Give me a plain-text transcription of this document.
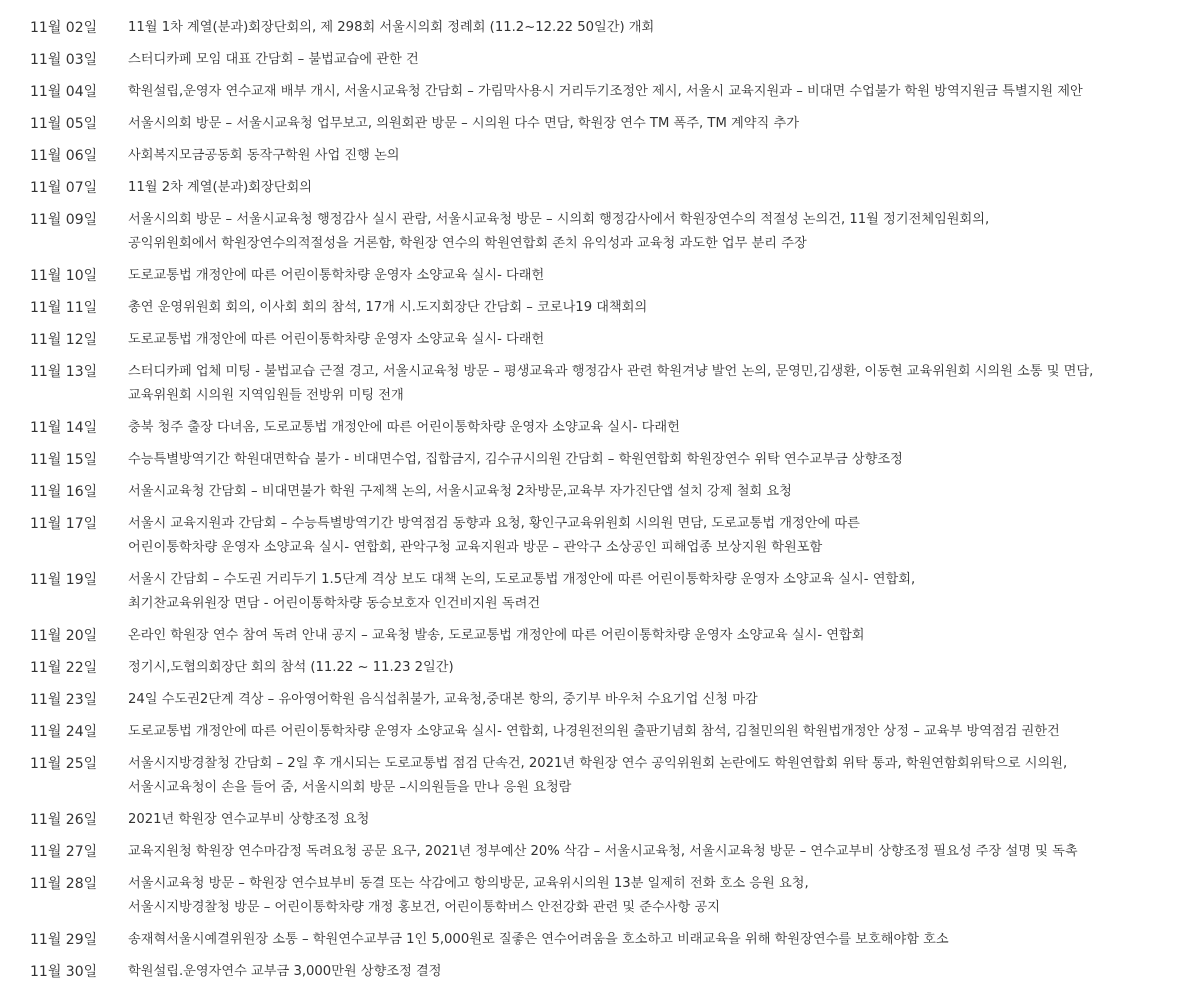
11월 02일	11월 1차 계열(분과)회장단회의, 제 298회 서울시의회 정례회 (11.2~12.22 50일간) 개회
11월 03일	스터디카페 모임 대표 간담회 – 불법교습에 관한 건
11월 04일	학원설립,운영자 연수교재 배부 개시, 서울시교육청 간담회 – 가림막사용시 거리두기조정안 제시, 서울시 교육지원과 – 비대면 수업불가 학원 방역지원금 특별지원 제안
11월 05일	서울시의회 방문 – 서울시교육청 업무보고, 의원회관 방문 – 시의원 다수 면담, 학원장 연수 TM 폭주, TM 계약직 추가
11월 06일	사회복지모금공동회 동작구학원 사업 진행 논의
11월 07일	11월 2차 계열(분과)회장단회의
11월 09일	서울시의회 방문 – 서울시교육청 행정감사 실시 관람, 서울시교육청 방문 – 시의회 행정감사에서 학원장연수의 적절성 논의건, 11월 정기전체임원회의,
공익위원회에서 학원장연수의적절성을 거론함, 학원장 연수의 학원연합회 존치 유익성과 교육청 과도한 업무 분리 주장
11월 10일	도로교통법 개정안에 따른 어린이통학차량 운영자 소양교육 실시- 다래헌
11월 11일	총연 운영위원회 회의, 이사회 회의 참석, 17개 시.도지회장단 간담회 – 코로나19 대책회의
11월 12일	도로교통법 개정안에 따른 어린이통학차량 운영자 소양교육 실시- 다래헌
11월 13일	스터디카페 업체 미팅 - 불법교습 근절 경고, 서울시교육청 방문 – 평생교육과 행정감사 관련 학원겨냥 발언 논의, 문영민,김생환, 이동현 교육위원회 시의원 소통 및 면담,
교육위원회 시의원 지역임원들 전방위 미팅 전개
11월 14일	충북 청주 출장 다녀옴, 도로교통법 개정안에 따른 어린이통학차량 운영자 소양교육 실시- 다래헌
11월 15일	수능특별방역기간 학원대면학습 불가 - 비대면수업, 집합금지, 김수규시의원 간담회 – 학원연합회 학원장연수 위탁 연수교부금 상향조정
11월 16일	서울시교육청 간담회 – 비대면불가 학원 구제책 논의, 서울시교육청 2차방문,교육부 자가진단앱 설치 강제 철회 요청
11월 17일	서울시 교육지원과 간담회 – 수능특별방역기간 방역점검 동향과 요청, 황인구교육위원회 시의원 면담, 도로교통법 개정안에 따른
어린이통학차량 운영자 소양교육 실시- 연합회, 관악구청 교육지원과 방문 – 관악구 소상공인 피해업종 보상지원 학원포함
11월 19일	서울시 간담회 – 수도권 거리두기 1.5단계 격상 보도 대책 논의, 도로교통법 개정안에 따른 어린이통학차량 운영자 소양교육 실시- 연합회,
최기찬교육위원장 면담 - 어린이통학차량 동승보호자 인건비지원 독려건
11월 20일	온라인 학원장 연수 참여 독려 안내 공지 – 교육청 발송, 도로교통법 개정안에 따른 어린이통학차량 운영자 소양교육 실시- 연합회
11월 22일	정기시,도협의회장단 회의 참석 (11.22 ~ 11.23 2일간)
11월 23일	24일 수도권2단계 격상 – 유아영어학원 음식섭취불가, 교육청,중대본 항의, 중기부 바우처 수요기업 신청 마감
11월 24일	도로교통법 개정안에 따른 어린이통학차량 운영자 소양교육 실시- 연합회, 나경원전의원 출판기념회 참석, 김철민의원 학원법개정안 상정 – 교육부 방역점검 권한건
11월 25일	서울시지방경찰청 간담회 – 2일 후 개시되는 도로교통법 점검 단속건, 2021년 학원장 연수 공익위원회 논란에도 학원연합회 위탁 통과, 학원연함회위탁으로 시의원,
서울시교육청이 손을 들어 줌, 서울시의회 방문 –시의원들을 만나 응원 요청람
11월 26일	2021년 학원장 연수교부비 상향조정 요청
11월 27일	교육지원청 학원장 연수마감정 독려요청 공문 요구, 2021년 정부예산 20% 삭감 – 서울시교육청, 서울시교육청 방문 – 연수교부비 상향조정 필요성 주장 설명 및 독촉
11월 28일	서울시교육청 방문 – 학원장 연수뵤부비 동결 또는 삭감에고 항의방문, 교육위시의원 13분 일제히 전화 호소 응원 요청,
서울시지방경찰청 방문 – 어린이통학차량 개정 홍보건, 어린이통학버스 안전강화 관련 및 준수사항 공지
11월 29일	송재혁서울시예결위원장 소통 – 학원연수교부금 1인 5,000원로 질좋은 연수어려움을 호소하고 비래교육을 위해 학원장연수를 보호해야함 호소
11월 30일	학원설립.운영자연수 교부금 3,000만원 상향조정 결정
